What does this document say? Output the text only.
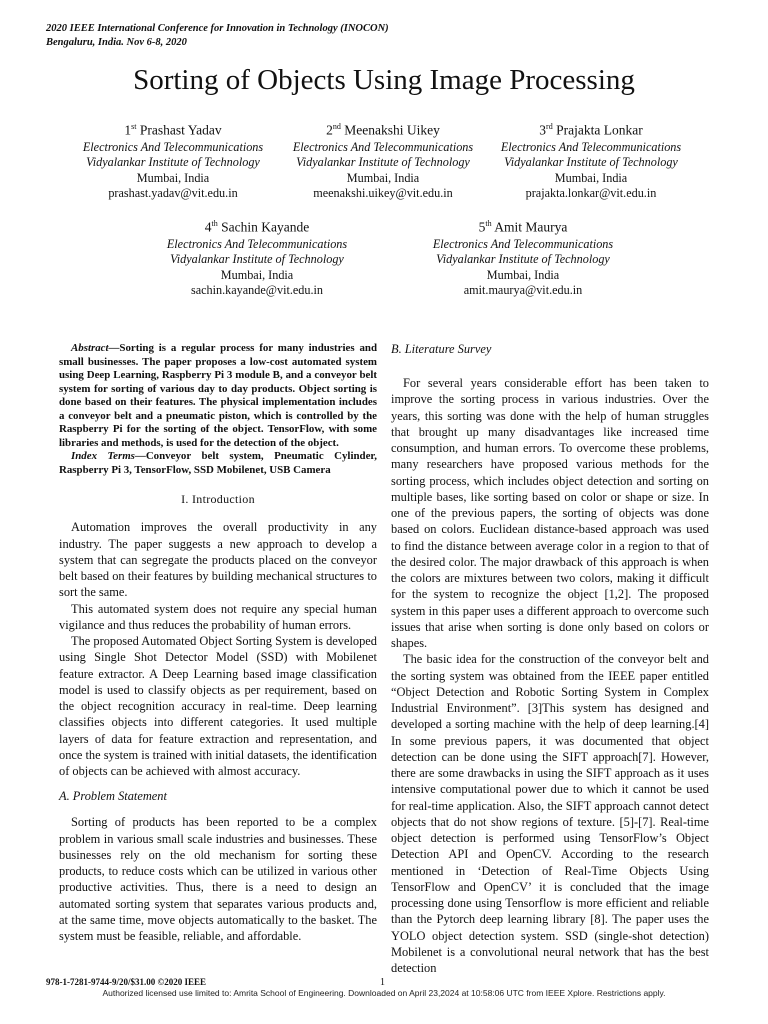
2020 IEEE International Conference for Innovation in Technology (INOCON)
Bengaluru, India. Nov 6-8, 2020
Sorting of Objects Using Image Processing
1st Prashast Yadav
Electronics And Telecommunications
Vidyalankar Institute of Technology
Mumbai, India
prashast.yadav@vit.edu.in
2nd Meenakshi Uikey
Electronics And Telecommunications
Vidyalankar Institute of Technology
Mumbai, India
meenakshi.uikey@vit.edu.in
3rd Prajakta Lonkar
Electronics And Telecommunications
Vidyalankar Institute of Technology
Mumbai, India
prajakta.lonkar@vit.edu.in
4th Sachin Kayande
Electronics And Telecommunications
Vidyalankar Institute of Technology
Mumbai, India
sachin.kayande@vit.edu.in
5th Amit Maurya
Electronics And Telecommunications
Vidyalankar Institute of Technology
Mumbai, India
amit.maurya@vit.edu.in

Abstract—Sorting is a regular process for many industries and small businesses. The paper proposes a low-cost automated system using Deep Learning, Raspberry Pi 3 module B, and a conveyor belt system for sorting of various day to day products. Object sorting is done based on their features. The physical implementation includes a conveyor belt and a pneumatic piston, which is controlled by the Raspberry Pi for the sorting of the object. TensorFlow, with some libraries and methods, is used for the detection of the object.

Index Terms—Conveyor belt system, Pneumatic Cylinder, Raspberry Pi 3, TensorFlow, SSD Mobilenet, USB Camera

I. Introduction

Automation improves the overall productivity in any industry. The paper suggests a new approach to develop a system that can segregate the products placed on the conveyor belt based on their features by building mechanical structures to sort the same.

This automated system does not require any special human vigilance and thus reduces the probability of human errors.

The proposed Automated Object Sorting System is developed using Single Shot Detector Model (SSD) with Mobilenet feature extractor. A Deep Learning based image classification model is used to classify objects as per requirement, based on the object recognition accuracy in real-time. Deep learning classifies objects into different categories. It used multiple layers of data for feature extraction and representation, and once the system is trained with initial datasets, the identification of objects can be achieved with almost accuracy.

A. Problem Statement

Sorting of products has been reported to be a complex problem in various small scale industries and businesses. These businesses rely on the old mechanism for sorting these products, to reduce costs which can be utilized in various other productive activities. Thus, there is a need to design an automated sorting system that separates various products and, at the same time, move objects automatically to the basket. The system must be feasible, reliable, and affordable.

B. Literature Survey

For several years considerable effort has been taken to improve the sorting process in various industries. Over the years, this sorting was done with the help of human struggles that brought up many disadvantages like increased time consumption, and human errors. To overcome these problems, many researchers have proposed various methods for the sorting process, which includes object detection and sorting on multiple bases, like sorting based on color or shape or size. In one of the previous papers, the sorting of objects was done based on colors. Euclidean distance-based approach was used to find the distance between average color in a region to that of the desired color. The major drawback of this approach is when the colors are mixtures between two colors, making it difficult for the system to recognize the object [1,2]. The proposed system in this paper uses a different approach to overcome such issues that arise when sorting is done only based on colors or shapes.

The basic idea for the construction of the conveyor belt and the sorting system was obtained from the IEEE paper entitled “Object Detection and Robotic Sorting System in Complex Industrial Environment”. [3]This system has designed and developed a sorting machine with the help of deep learning.[4] In some previous papers, it was documented that object detection can be done using the SIFT approach[7]. However, there are some drawbacks in using the SIFT approach as it uses intensive computational power due to which it cannot be used for real-time application. Also, the SIFT approach cannot detect objects that do not show regions of texture. [5]-[7]. Real-time object detection is performed using TensorFlow’s Object Detection API and OpenCV. According to the research mentioned in ‘Detection of Real-Time Objects Using TensorFlow and OpenCV’ it is concluded that the image processing done using Tensorflow is more efficient and reliable than the Pytorch deep learning library [8]. The paper uses the YOLO object detection system. SSD (single-shot detection) Mobilenet is a convolutional neural network that has the best detection

978-1-7281-9744-9/20/$31.00 ©2020 IEEE	1
Authorized licensed use limited to: Amrita School of Engineering. Downloaded on April 23,2024 at 10:58:06 UTC from IEEE Xplore. Restrictions apply.
